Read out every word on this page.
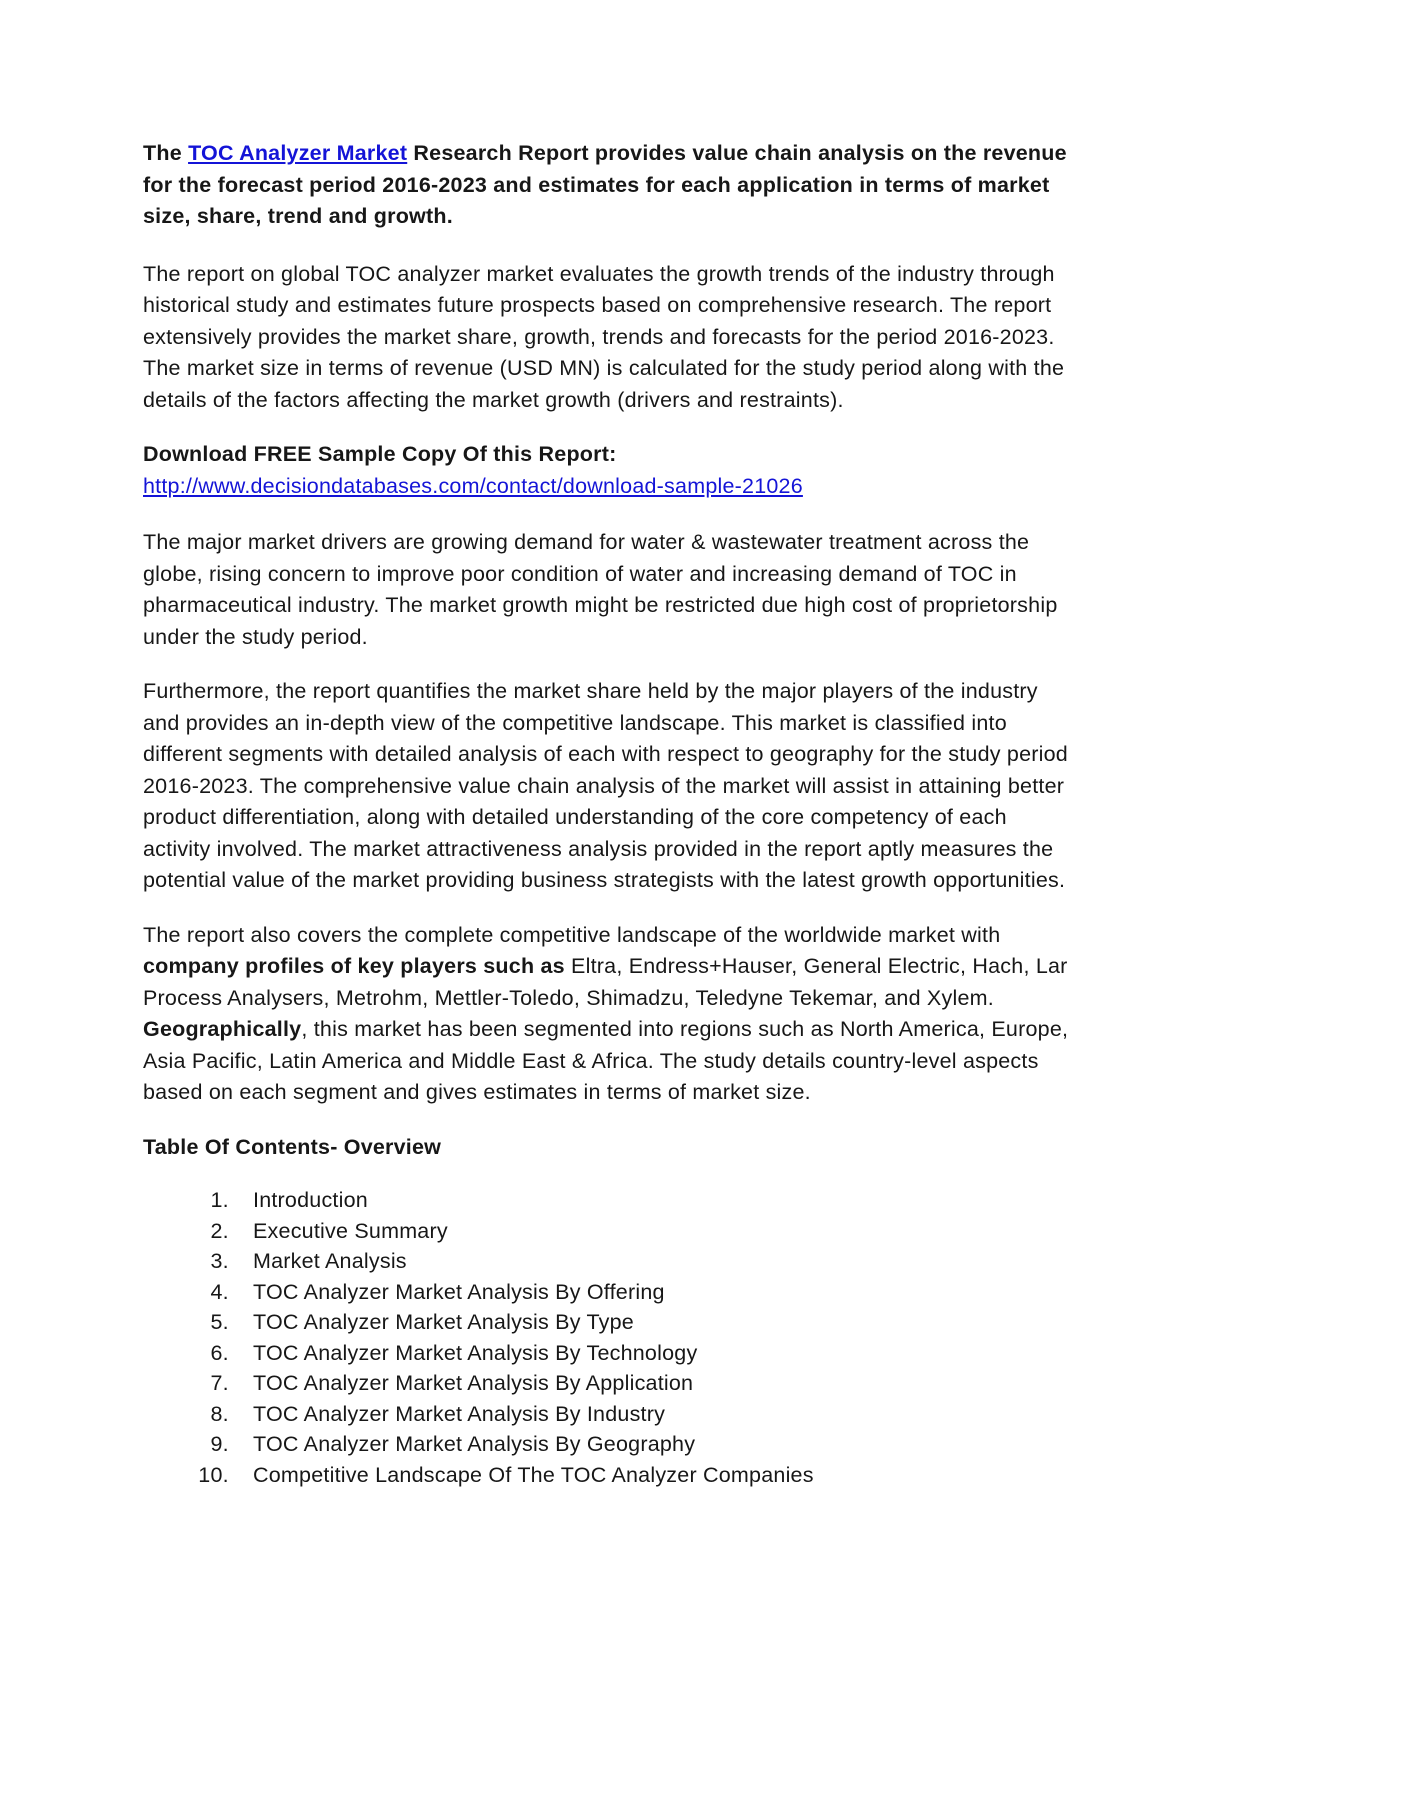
The TOC Analyzer Market Research Report provides value chain analysis on the revenue for the forecast period 2016-2023 and estimates for each application in terms of market size, share, trend and growth.

The report on global TOC analyzer market evaluates the growth trends of the industry through historical study and estimates future prospects based on comprehensive research. The report extensively provides the market share, growth, trends and forecasts for the period 2016-2023. The market size in terms of revenue (USD MN) is calculated for the study period along with the details of the factors affecting the market growth (drivers and restraints).

Download FREE Sample Copy Of this Report: http://www.decisiondatabases.com/contact/download-sample-21026

The major market drivers are growing demand for water & wastewater treatment across the globe, rising concern to improve poor condition of water and increasing demand of TOC in pharmaceutical industry. The market growth might be restricted due high cost of proprietorship under the study period.

Furthermore, the report quantifies the market share held by the major players of the industry and provides an in-depth view of the competitive landscape. This market is classified into different segments with detailed analysis of each with respect to geography for the study period 2016-2023. The comprehensive value chain analysis of the market will assist in attaining better product differentiation, along with detailed understanding of the core competency of each activity involved. The market attractiveness analysis provided in the report aptly measures the potential value of the market providing business strategists with the latest growth opportunities.

The report also covers the complete competitive landscape of the worldwide market with company profiles of key players such as Eltra, Endress+Hauser, General Electric, Hach, Lar Process Analysers, Metrohm, Mettler-Toledo, Shimadzu, Teledyne Tekemar, and Xylem. Geographically, this market has been segmented into regions such as North America, Europe, Asia Pacific, Latin America and Middle East & Africa. The study details country-level aspects based on each segment and gives estimates in terms of market size.

Table Of Contents- Overview
1. Introduction
2. Executive Summary
3. Market Analysis
4. TOC Analyzer Market Analysis By Offering
5. TOC Analyzer Market Analysis By Type
6. TOC Analyzer Market Analysis By Technology
7. TOC Analyzer Market Analysis By Application
8. TOC Analyzer Market Analysis By Industry
9. TOC Analyzer Market Analysis By Geography
10. Competitive Landscape Of The TOC Analyzer Companies
